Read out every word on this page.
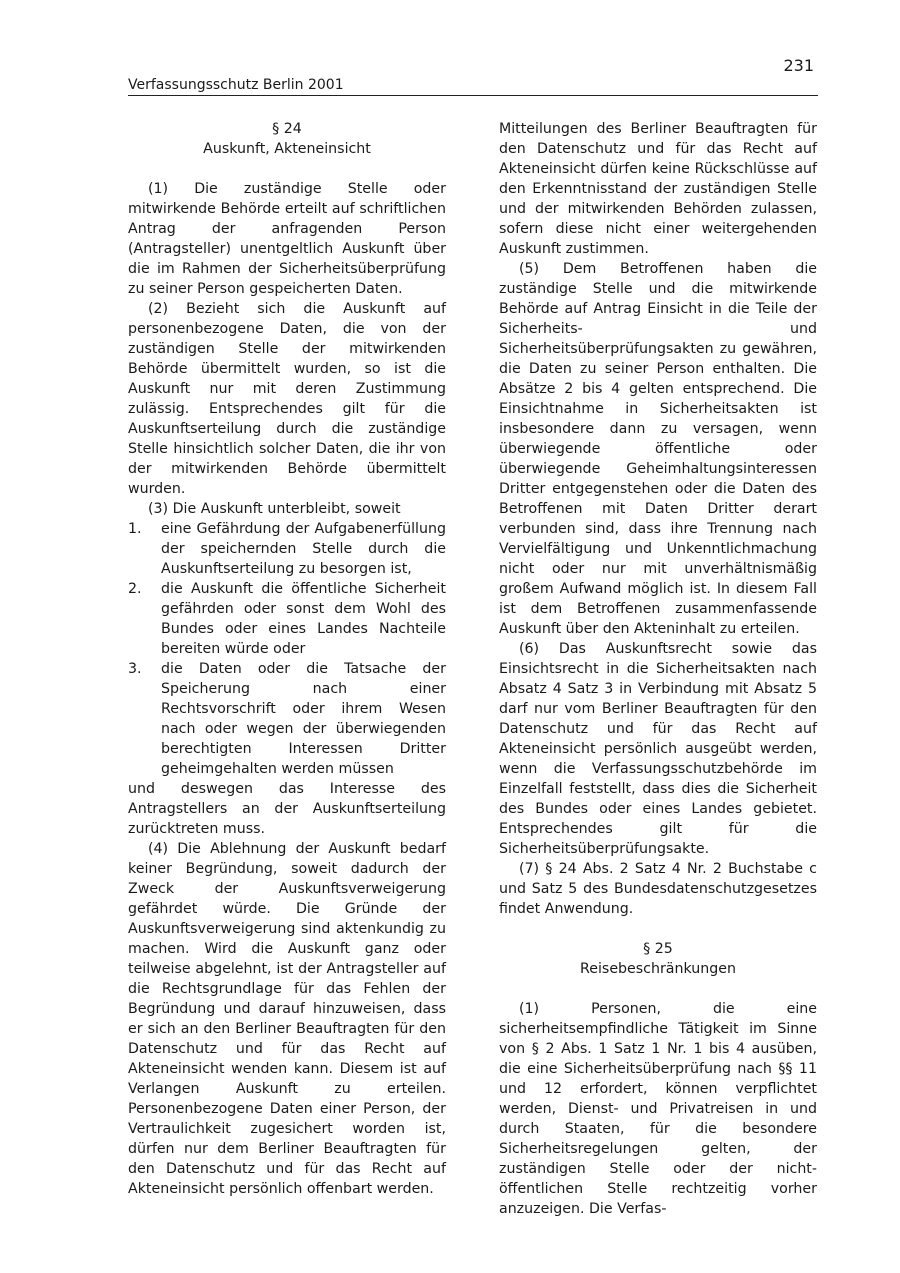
231
Verfassungsschutz Berlin 2001
§ 24
Auskunft, Akteneinsicht

(1) Die zuständige Stelle oder mitwirkende Behörde erteilt auf schriftlichen Antrag der anfragenden Person (Antragsteller) unentgeltlich Auskunft über die im Rahmen der Sicherheitsüberprüfung zu seiner Person gespeicherten Daten.

(2) Bezieht sich die Auskunft auf personenbezogene Daten, die von der zuständigen Stelle der mitwirkenden Behörde übermittelt wurden, so ist die Auskunft nur mit deren Zustimmung zulässig. Entsprechendes gilt für die Auskunftserteilung durch die zuständige Stelle hinsichtlich solcher Daten, die ihr von der mitwirkenden Behörde übermittelt wurden.

(3) Die Auskunft unterbleibt, soweit

1. eine Gefährdung der Aufgabenerfüllung der speichernden Stelle durch die Auskunftserteilung zu besorgen ist,
2. die Auskunft die öffentliche Sicherheit gefährden oder sonst dem Wohl des Bundes oder eines Landes Nachteile bereiten würde oder
3. die Daten oder die Tatsache der Speicherung nach einer Rechtsvorschrift oder ihrem Wesen nach oder wegen der überwiegenden berechtigten Interessen Dritter geheimgehalten werden müssen

und deswegen das Interesse des Antragstellers an der Auskunftserteilung zurücktreten muss.

(4) Die Ablehnung der Auskunft bedarf keiner Begründung, soweit dadurch der Zweck der Auskunftsverweigerung gefährdet würde. Die Gründe der Auskunftsverweigerung sind aktenkundig zu machen. Wird die Auskunft ganz oder teilweise abgelehnt, ist der Antragsteller auf die Rechtsgrundlage für das Fehlen der Begründung und darauf hinzuweisen, dass er sich an den Berliner Beauftragten für den Datenschutz und für das Recht auf Akteneinsicht wenden kann. Diesem ist auf Verlangen Auskunft zu erteilen. Personenbezogene Daten einer Person, der Vertraulichkeit zugesichert worden ist, dürfen nur dem Berliner Beauftragten für den Datenschutz und für das Recht auf Akteneinsicht persönlich offenbart werden.

Mitteilungen des Berliner Beauftragten für den Datenschutz und für das Recht auf Akteneinsicht dürfen keine Rückschlüsse auf den Erkenntnisstand der zuständigen Stelle und der mitwirkenden Behörden zulassen, sofern diese nicht einer weitergehenden Auskunft zustimmen.

(5) Dem Betroffenen haben die zuständige Stelle und die mitwirkende Behörde auf Antrag Einsicht in die Teile der Sicherheits- und Sicherheitsüberprüfungsakten zu gewähren, die Daten zu seiner Person enthalten. Die Absätze 2 bis 4 gelten entsprechend. Die Einsichtnahme in Sicherheitsakten ist insbesondere dann zu versagen, wenn überwiegende öffentliche oder überwiegende Geheimhaltungsinteressen Dritter entgegenstehen oder die Daten des Betroffenen mit Daten Dritter derart verbunden sind, dass ihre Trennung nach Vervielfältigung und Unkenntlichmachung nicht oder nur mit unverhältnismäßig großem Aufwand möglich ist. In diesem Fall ist dem Betroffenen zusammenfassende Auskunft über den Akteninhalt zu erteilen.

(6) Das Auskunftsrecht sowie das Einsichtsrecht in die Sicherheitsakten nach Absatz 4 Satz 3 in Verbindung mit Absatz 5 darf nur vom Berliner Beauftragten für den Datenschutz und für das Recht auf Akteneinsicht persönlich ausgeübt werden, wenn die Verfassungsschutzbehörde im Einzelfall feststellt, dass dies die Sicherheit des Bundes oder eines Landes gebietet. Entsprechendes gilt für die Sicherheitsüberprüfungsakte.

(7) § 24 Abs. 2 Satz 4 Nr. 2 Buchstabe c und Satz 5 des Bundesdatenschutzgesetzes findet Anwendung.

§ 25
Reisebeschränkungen

(1) Personen, die eine sicherheitsempfindliche Tätigkeit im Sinne von § 2 Abs. 1 Satz 1 Nr. 1 bis 4 ausüben, die eine Sicherheitsüberprüfung nach §§ 11 und 12 erfordert, können verpflichtet werden, Dienst- und Privatreisen in und durch Staaten, für die besondere Sicherheitsregelungen gelten, der zuständigen Stelle oder der nicht-öffentlichen Stelle rechtzeitig vorher anzuzeigen. Die Verfas-
